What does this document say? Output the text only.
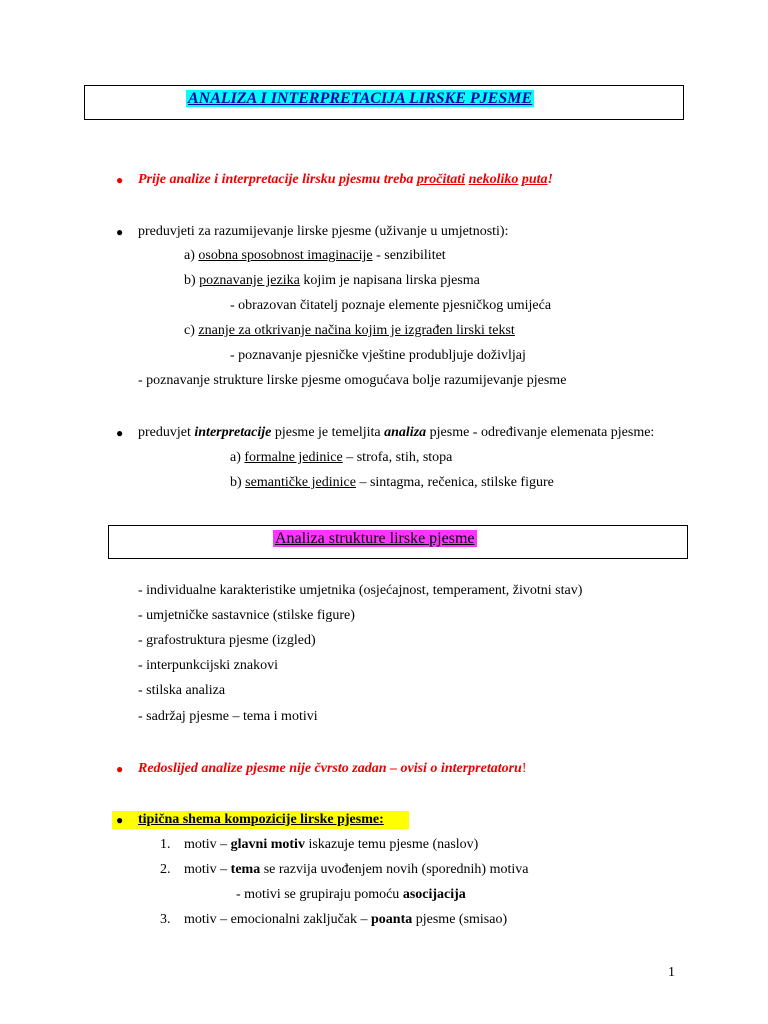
ANALIZA I INTERPRETACIJA LIRSKE PJESME
● Prije analize i interpretacije lirsku pjesmu treba pročitati nekoliko puta!
● preduvjeti za razumijevanje lirske pjesme (uživanje u umjetnosti):
a) osobna sposobnost imaginacije - senzibilitet
b) poznavanje jezika kojim je napisana lirska pjesma
- obrazovan čitatelj poznaje elemente pjesničkog umijeća
c) znanje za otkrivanje načina kojim je izgrađen lirski tekst
- poznavanje pjesničke vještine produbljuje doživljaj
- poznavanje strukture lirske pjesme omogućava bolje razumijevanje pjesme
● preduvjet interpretacije pjesme je temeljita analiza pjesme - određivanje elemenata pjesme:
a) formalne jedinice – strofa, stih, stopa
b) semantičke jedinice – sintagma, rečenica, stilske figure
Analiza strukture lirske pjesme
- individualne karakteristike umjetnika (osjećajnost, temperament, životni stav)
- umjetničke sastavnice (stilske figure)
- grafostruktura pjesme (izgled)
- interpunkcijski znakovi
- stilska analiza
- sadržaj pjesme – tema i motivi
● Redoslijed analize pjesme nije čvrsto zadan – ovisi o interpretatoru!
● tipična shema kompozicije lirske pjesme:
1. motiv – glavni motiv iskazuje temu pjesme (naslov)
2. motiv – tema se razvija uvođenjem novih (sporednih) motiva
- motivi se grupiraju pomoću asocijacija
3. motiv – emocionalni zaključak – poanta pjesme (smisao)
1
